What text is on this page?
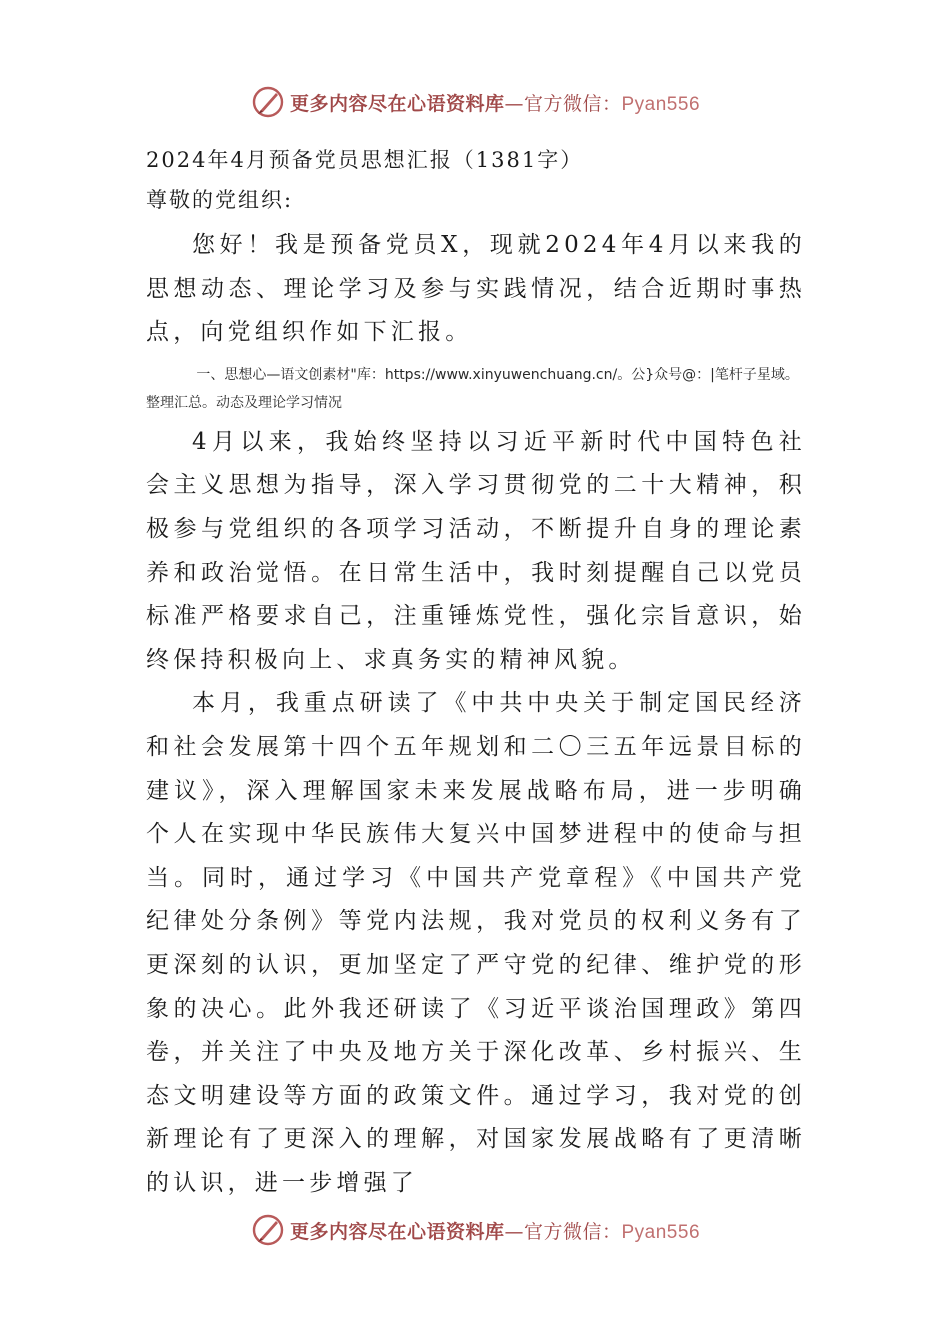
更多内容尽在心语资料库—官方微信：Pyan556
2024年4月预备党员思想汇报（1381字）
尊敬的党组织:

您好！我是预备党员X，现就2024年4月以来我的思想动态、理论学习及参与实践情况，结合近期时事热点，向党组织作如下汇报。

一、思想心—语文创素材"库：https://www.xinyuwenchuang.cn/。公}众号@：|笔杆子星域。整理汇总。动态及理论学习情况

4月以来，我始终坚持以习近平新时代中国特色社会主义思想为指导，深入学习贯彻党的二十大精神，积极参与党组织的各项学习活动，不断提升自身的理论素养和政治觉悟。在日常生活中，我时刻提醒自己以党员标准严格要求自己，注重锤炼党性，强化宗旨意识，始终保持积极向上、求真务实的精神风貌。

本月，我重点研读了《中共中央关于制定国民经济和社会发展第十四个五年规划和二〇三五年远景目标的建议》，深入理解国家未来发展战略布局，进一步明确个人在实现中华民族伟大复兴中国梦进程中的使命与担当。同时，通过学习《中国共产党章程》《中国共产党纪律处分条例》等党内法规，我对党员的权利义务有了更深刻的认识，更加坚定了严守党的纪律、维护党的形象的决心。此外我还研读了《习近平谈治国理政》第四卷，并关注了中央及地方关于深化改革、乡村振兴、生态文明建设等方面的政策文件。通过学习，我对党的创新理论有了更深入的理解，对国家发展战略有了更清晰的认识，进一步增强了

更多内容尽在心语资料库—官方微信：Pyan556
